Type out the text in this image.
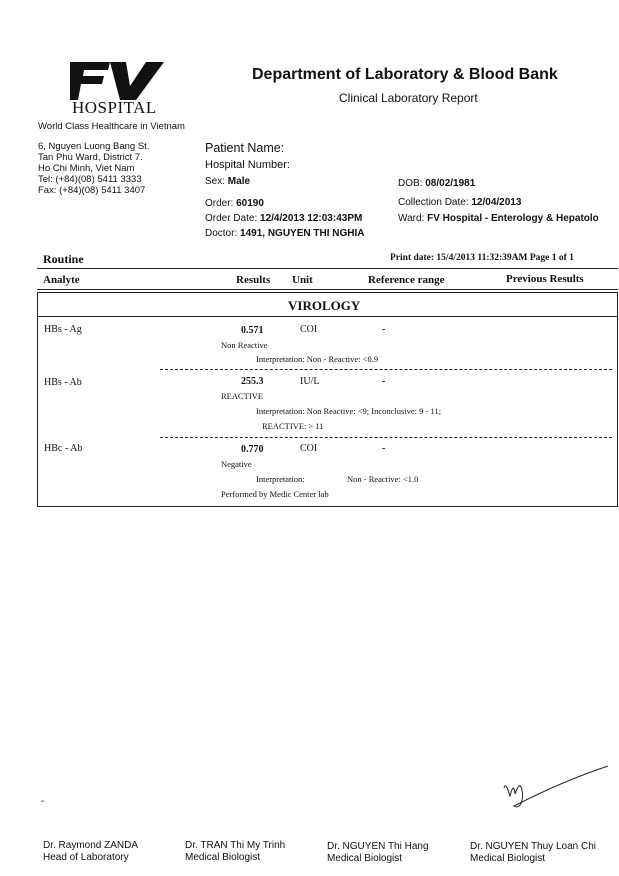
FV
HOSPITAL
World Class Healthcare in Vietnam
6, Nguyen Luong Bang St.
Tan Phu Ward, District 7.
Ho Chi Minh, Viet Nam
Tel: (+84)(08) 5411 3333
Fax: (+84)(08) 5411 3407
Department of Laboratory & Blood Bank
Clinical Laboratory Report
Patient Name:
Hospital Number:
Sex: Male	DOB: 08/02/1981
Order: 60190	Collection Date: 12/04/2013
Order Date: 12/4/2013 12:03:43PM	Ward: FV Hospital - Enterology & Hepatolo
Doctor: 1491, NGUYEN THI NGHIA
Routine	Print date: 15/4/2013 11:32:39AM Page 1 of 1
Analyte	Results Unit	Reference range	Previous Results
VIROLOGY
HBs - Ag	0.571	COI	-
Non Reactive
Interpretation: Non - Reactive: <0.9
HBs - Ab	255.3	IU/L	-
REACTIVE
Interpretation: Non Reactive: <9; Inconclusive: 9 - 11;
REACTIVE: > 11
HBc - Ab	0.770	COI	-
Negative
Interpretation:	Non - Reactive: <1.0
Performed by Medic Center lab
-
Dr. Raymond ZANDA
Head of Laboratory
Dr. TRAN Thi My Trinh
Medical Biologist
Dr. NGUYEN Thi Hang
Medical Biologist
Dr. NGUYEN Thuy Loan Chi
Medical Biologist
